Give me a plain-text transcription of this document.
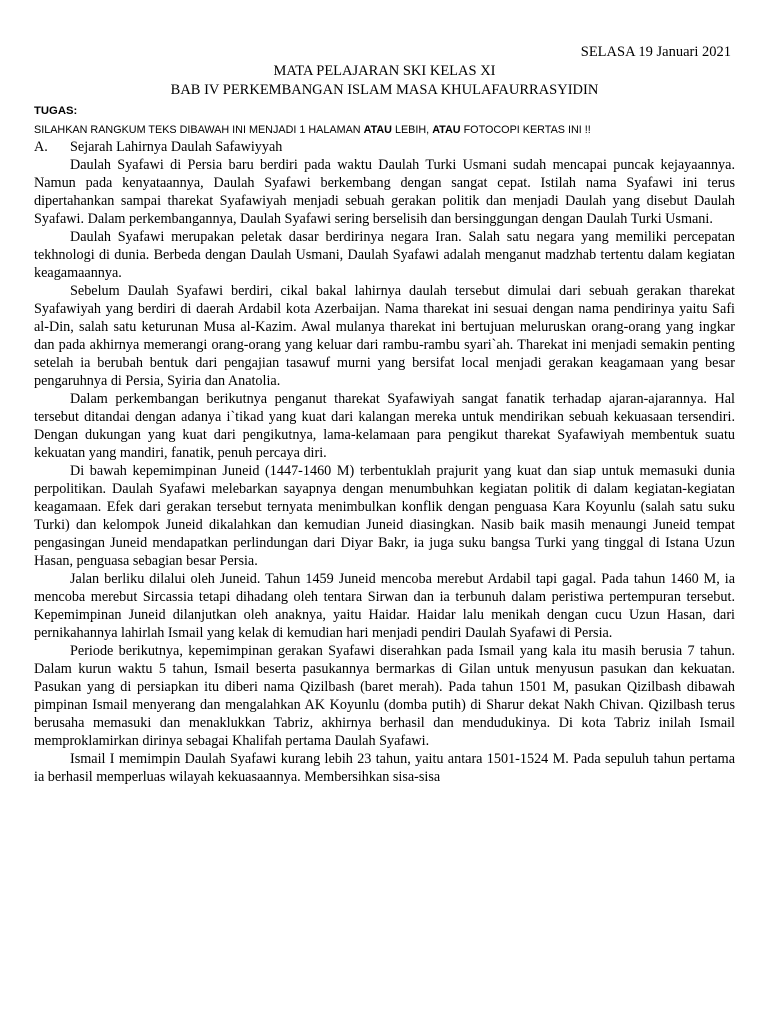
SELASA 19 Januari 2021
MATA PELAJARAN SKI KELAS XI
BAB IV PERKEMBANGAN ISLAM MASA KHULAFAURRASYIDIN
TUGAS:
SILAHKAN RANGKUM TEKS DIBAWAH INI MENJADI 1 HALAMAN ATAU LEBIH, ATAU FOTOCOPI KERTAS INI !!
A.	Sejarah Lahirnya Daulah Safawiyyah

Daulah Syafawi di Persia baru berdiri pada waktu Daulah Turki Usmani sudah mencapai puncak kejayaannya. Namun pada kenyataannya, Daulah Syafawi berkembang dengan sangat cepat. Istilah nama Syafawi ini terus dipertahankan sampai tharekat Syafawiyah menjadi sebuah gerakan politik dan menjadi Daulah yang disebut Daulah Syafawi. Dalam perkembangannya, Daulah Syafawi sering berselisih dan bersinggungan dengan Daulah Turki Usmani.

Daulah Syafawi merupakan peletak dasar berdirinya negara Iran. Salah satu negara yang memiliki percepatan tekhnologi di dunia. Berbeda dengan Daulah Usmani, Daulah Syafawi adalah menganut madzhab tertentu dalam kegiatan keagamaannya.

Sebelum Daulah Syafawi berdiri, cikal bakal lahirnya daulah tersebut dimulai dari sebuah gerakan tharekat Syafawiyah yang berdiri di daerah Ardabil kota Azerbaijan. Nama tharekat ini sesuai dengan nama pendirinya yaitu Safi al-Din, salah satu keturunan Musa al-Kazim. Awal mulanya tharekat ini bertujuan meluruskan orang-orang yang ingkar dan pada akhirnya memerangi orang-orang yang keluar dari rambu-rambu syari`ah. Tharekat ini menjadi semakin penting setelah ia berubah bentuk dari pengajian tasawuf murni yang bersifat local menjadi gerakan keagamaan yang besar pengaruhnya di Persia, Syiria dan Anatolia.

Dalam perkembangan berikutnya penganut tharekat Syafawiyah sangat fanatik terhadap ajaran-ajarannya. Hal tersebut ditandai dengan adanya i`tikad yang kuat dari kalangan mereka untuk mendirikan sebuah kekuasaan tersendiri. Dengan dukungan yang kuat dari pengikutnya, lama-kelamaan para pengikut tharekat Syafawiyah membentuk suatu kekuatan yang mandiri, fanatik, penuh percaya diri.

Di bawah kepemimpinan Juneid (1447-1460 M) terbentuklah prajurit yang kuat dan siap untuk memasuki dunia perpolitikan. Daulah Syafawi melebarkan sayapnya dengan menumbuhkan kegiatan politik di dalam kegiatan-kegiatan keagamaan. Efek dari gerakan tersebut ternyata menimbulkan konflik dengan penguasa Kara Koyunlu (salah satu suku Turki) dan kelompok Juneid dikalahkan dan kemudian Juneid diasingkan. Nasib baik masih menaungi Juneid tempat pengasingan Juneid mendapatkan perlindungan dari Diyar Bakr, ia juga suku bangsa Turki yang tinggal di Istana Uzun Hasan, penguasa sebagian besar Persia.

Jalan berliku dilalui oleh Juneid. Tahun 1459 Juneid mencoba merebut Ardabil tapi gagal. Pada tahun 1460 M, ia mencoba merebut Sircassia tetapi dihadang oleh tentara Sirwan dan ia terbunuh dalam peristiwa pertempuran tersebut. Kepemimpinan Juneid dilanjutkan oleh anaknya, yaitu Haidar. Haidar lalu menikah dengan cucu Uzun Hasan, dari pernikahannya lahirlah Ismail yang kelak di kemudian hari menjadi pendiri Daulah Syafawi di Persia.

Periode berikutnya, kepemimpinan gerakan Syafawi diserahkan pada Ismail yang kala itu masih berusia 7 tahun. Dalam kurun waktu 5 tahun, Ismail beserta pasukannya bermarkas di Gilan untuk menyusun pasukan dan kekuatan. Pasukan yang di persiapkan itu diberi nama Qizilbash (baret merah). Pada tahun 1501 M, pasukan Qizilbash dibawah pimpinan Ismail menyerang dan mengalahkan AK Koyunlu (domba putih) di Sharur dekat Nakh Chivan. Qizilbash terus berusaha memasuki dan menaklukkan Tabriz, akhirnya berhasil dan mendudukinya. Di kota Tabriz inilah Ismail memproklamirkan dirinya sebagai Khalifah pertama Daulah Syafawi.

Ismail I memimpin Daulah Syafawi kurang lebih 23 tahun, yaitu antara 1501-1524 M. Pada sepuluh tahun pertama ia berhasil memperluas wilayah kekuasaannya. Membersihkan sisa-sisa
